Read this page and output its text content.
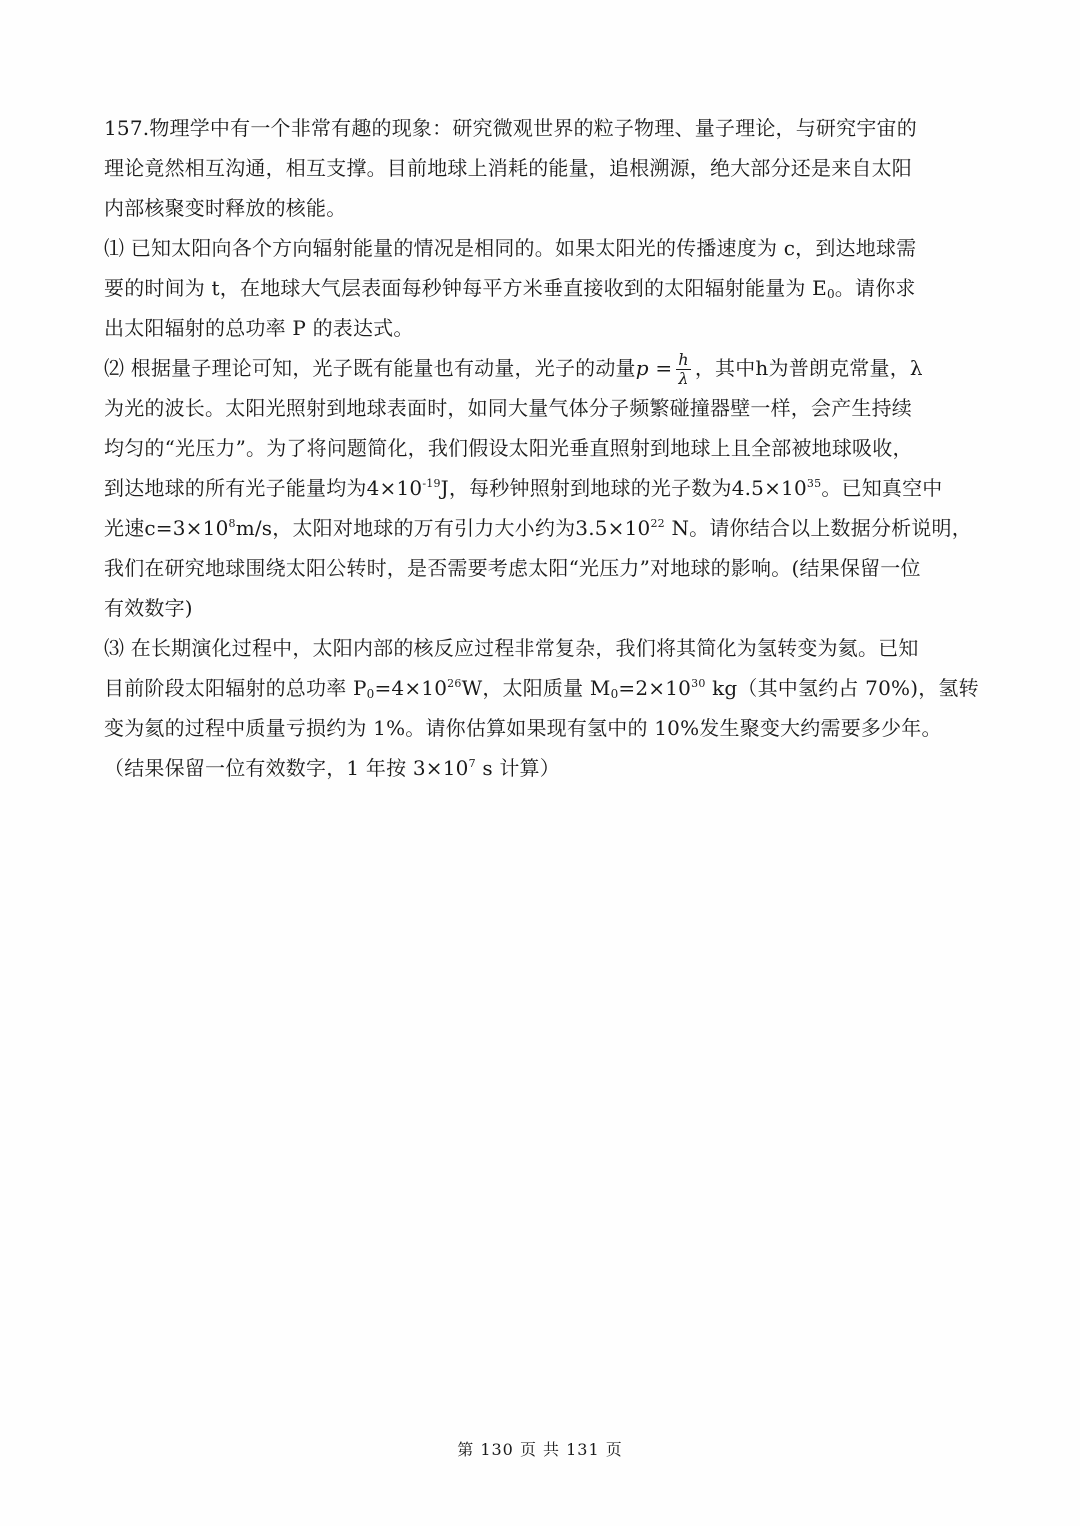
157.物理学中有一个非常有趣的现象：研究微观世界的粒子物理、量子理论，与研究宇宙的
理论竟然相互沟通，相互支撑。目前地球上消耗的能量，追根溯源，绝大部分还是来自太阳
内部核聚变时释放的核能。
⑴ 已知太阳向各个方向辐射能量的情况是相同的。如果太阳光的传播速度为 c，到达地球需
要的时间为 t，在地球大气层表面每秒钟每平方米垂直接收到的太阳辐射能量为 $E_0$。请你求
出太阳辐射的总功率 P 的表达式。
⑵ 根据量子理论可知，光子既有能量也有动量，光子的动量$p = \frac{h}{\lambda}$ ，其中h为普朗克常量，λ
为光的波长。太阳光照射到地球表面时，如同大量气体分子频繁碰撞器壁一样，会产生持续
均匀的“光压力”。为了将问题简化，我们假设太阳光垂直照射到地球上且全部被地球吸收，
到达地球的所有光子能量均为$4\times 10^{-19}J$，每秒钟照射到地球的光子数为$4.5\times 10^{35}$。已知真空中
光速$c=3\times 10^8m/s$，太阳对地球的万有引力大小约为$3.5\times 10^{22}$ N。请你结合以上数据分析说明，
我们在研究地球围绕太阳公转时，是否需要考虑太阳“光压力”对地球的影响。(结果保留一位
有效数字)
⑶ 在长期演化过程中，太阳内部的核反应过程非常复杂，我们将其简化为氢转变为氦。已知
目前阶段太阳辐射的总功率 $P_0=4\times 10^{26}W$，太阳质量 $M_0=2\times 10^{30}$ kg（其中氢约占 70%)，氢转
变为氦的过程中质量亏损约为 1%。请你估算如果现有氢中的 10%发生聚变大约需要多少年。
（结果保留一位有效数字，1 年按 $3\times 10^7$ s 计算）
第 130 页 共 131 页
